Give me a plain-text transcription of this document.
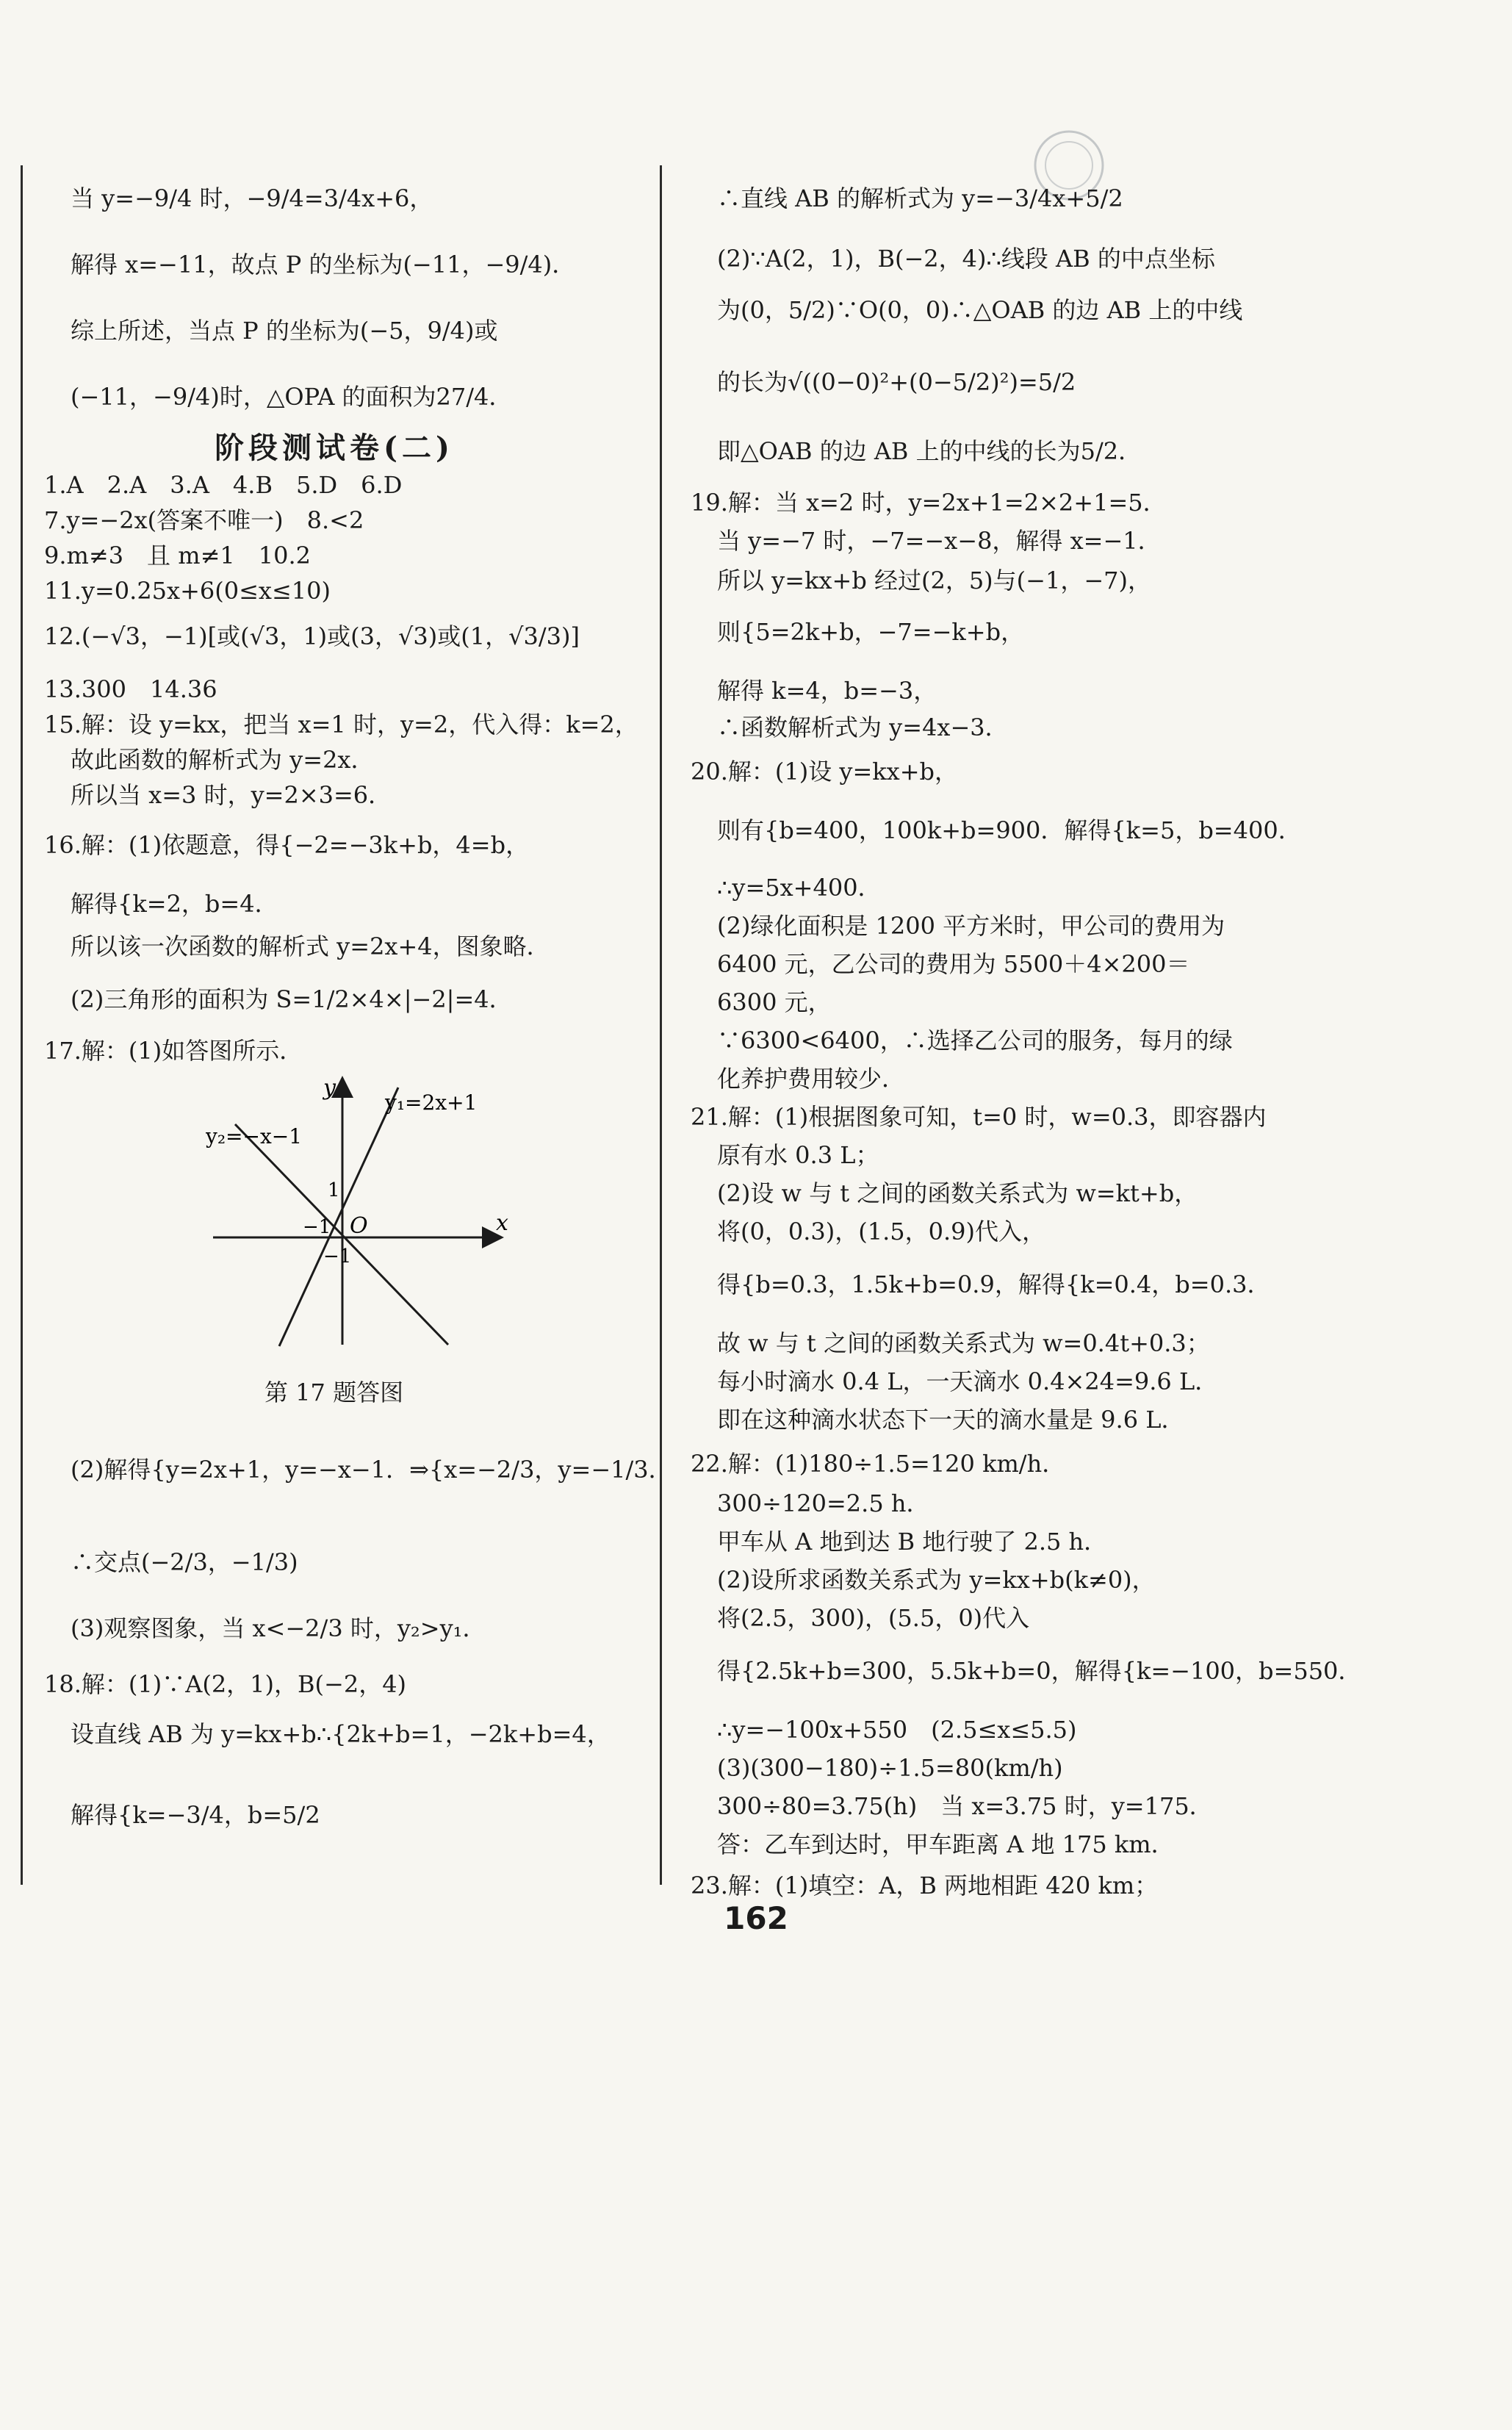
当 y=−9/4 时，−9/4=3/4x+6，
解得 x=−11，故点 P 的坐标为(−11，−9/4)．
综上所述，当点 P 的坐标为(−5，9/4)或
(−11，−9/4)时，△OPA 的面积为27/4．
阶段测试卷(二)
1.A　2.A　3.A　4.B　5.D　6.D
7.y=−2x(答案不唯一)　8.<2
9.m≠3　且 m≠1　10.2
11.y=0.25x+6(0≤x≤10)
12.(−√3，−1)[或(√3，1)或(3，√3)或(1，√3/3)]
13.300　14.36
15.解：设 y=kx，把当 x=1 时，y=2，代入得：k=2，
故此函数的解析式为 y=2x．
所以当 x=3 时，y=2×3=6．
16.解：(1)依题意，得{−2=−3k+b，4=b，
解得{k=2，b=4．
所以该一次函数的解析式 y=2x+4，图象略．
(2)三角形的面积为 S=1/2×4×|−2|=4．
17.解：(1)如答图所示．
y
x
O
y₁=2x+1
y₂=−x−1
1
−1
−1
第 17 题答图
(2)解得{y=2x+1，y=−x−1．⇒{x=−2/3，y=−1/3．
∴交点(−2/3，−1/3)
(3)观察图象，当 x<−2/3 时，y₂>y₁．
18.解：(1)∵A(2，1)，B(−2，4)
设直线 AB 为 y=kx+b∴{2k+b=1，−2k+b=4，
解得{k=−3/4，b=5/2
∴直线 AB 的解析式为 y=−3/4x+5/2
(2)∵A(2，1)，B(−2，4)∴线段 AB 的中点坐标
为(0，5/2)∵O(0，0)∴△OAB 的边 AB 上的中线
的长为√((0−0)²+(0−5/2)²)=5/2
即△OAB 的边 AB 上的中线的长为5/2．
19.解：当 x=2 时，y=2x+1=2×2+1=5．
当 y=−7 时，−7=−x−8，解得 x=−1．
所以 y=kx+b 经过(2，5)与(−1，−7)，
则{5=2k+b，−7=−k+b，
解得 k=4，b=−3，
∴函数解析式为 y=4x−3．
20.解：(1)设 y=kx+b，
则有{b=400，100k+b=900．解得{k=5，b=400．
∴y=5x+400．
(2)绿化面积是 1200 平方米时，甲公司的费用为
6400 元，乙公司的费用为 5500＋4×200＝
6300 元，
∵6300<6400，∴选择乙公司的服务，每月的绿
化养护费用较少．
21.解：(1)根据图象可知，t=0 时，w=0.3，即容器内
原有水 0.3 L；
(2)设 w 与 t 之间的函数关系式为 w=kt+b，
将(0，0.3)，(1.5，0.9)代入，
得{b=0.3，1.5k+b=0.9，解得{k=0.4，b=0.3．
故 w 与 t 之间的函数关系式为 w=0.4t+0.3；
每小时滴水 0.4 L，一天滴水 0.4×24=9.6 L．
即在这种滴水状态下一天的滴水量是 9.6 L．
22.解：(1)180÷1.5=120 km/h．
300÷120=2.5 h．
甲车从 A 地到达 B 地行驶了 2.5 h．
(2)设所求函数关系式为 y=kx+b(k≠0)，
将(2.5，300)，(5.5，0)代入
得{2.5k+b=300，5.5k+b=0，解得{k=−100，b=550．
∴y=−100x+550　(2.5≤x≤5.5)
(3)(300−180)÷1.5=80(km/h)
300÷80=3.75(h)　当 x=3.75 时，y=175．
答：乙车到达时，甲车距离 A 地 175 km．
23.解：(1)填空：A，B 两地相距 420 km；
162
